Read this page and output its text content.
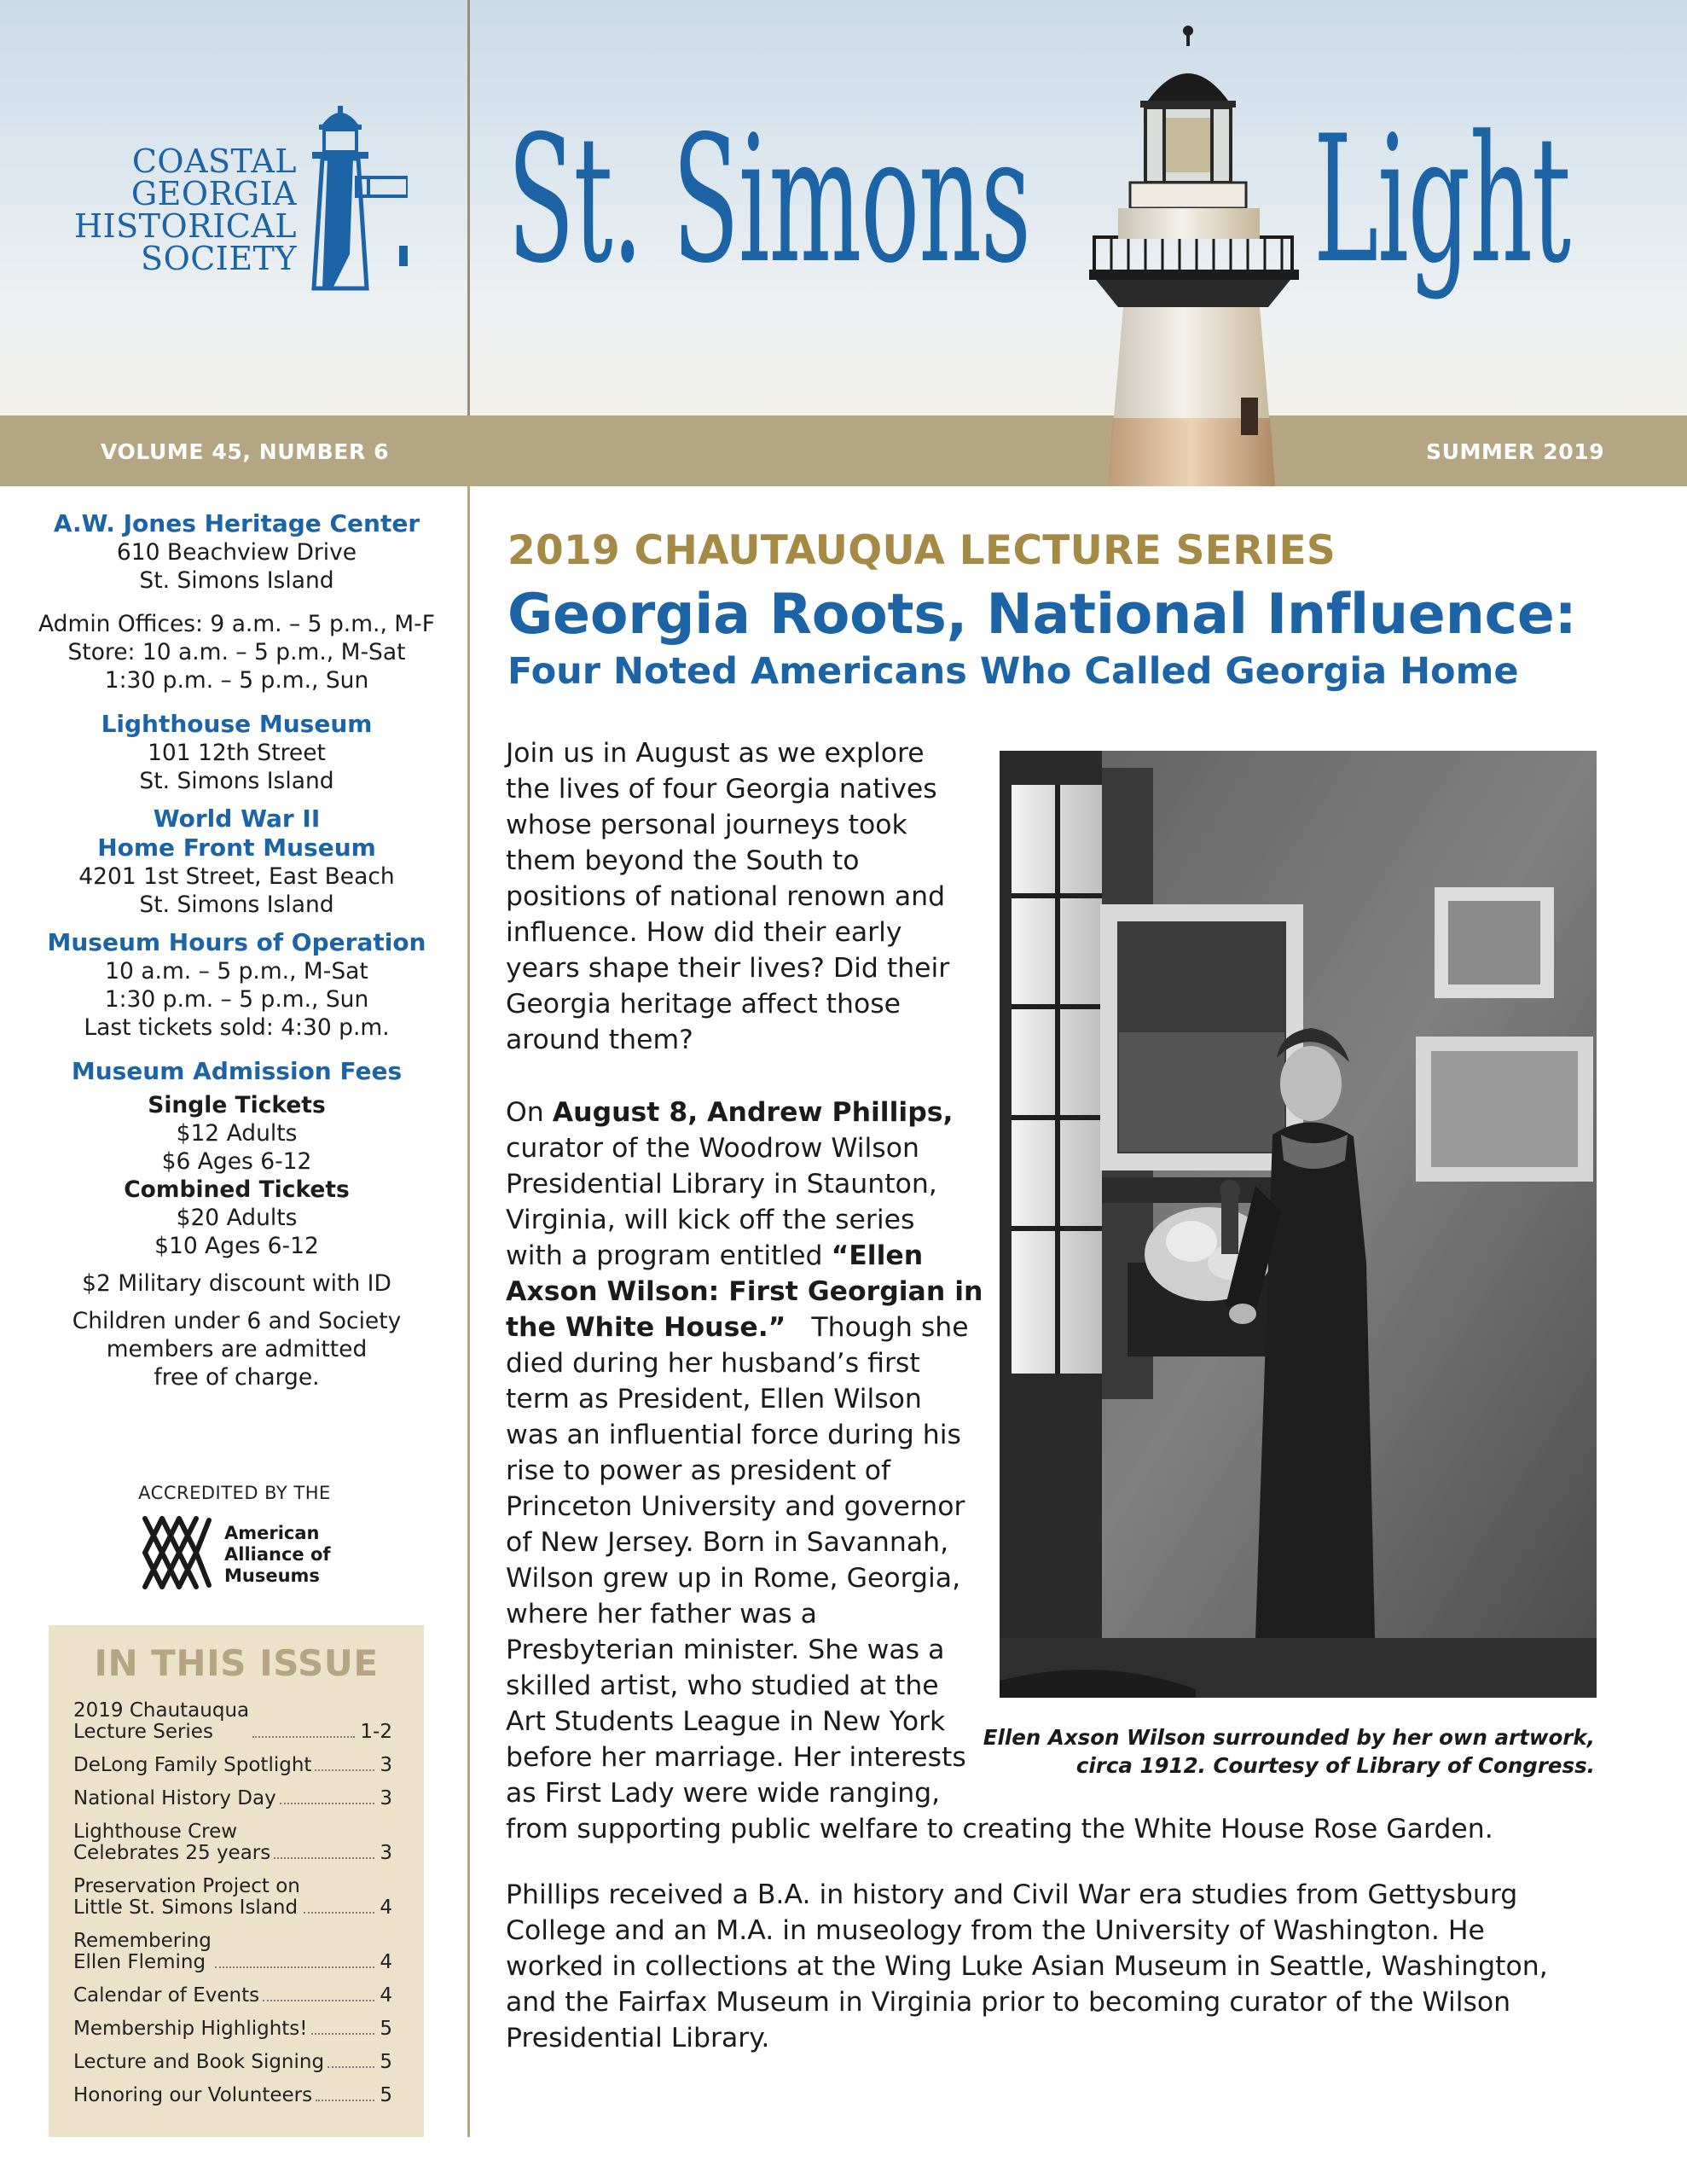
COASTAL
GEORGIA
HISTORICAL
SOCIETY St. Simons Light
VOLUME 45, NUMBER 6	SUMMER 2019
A.W. Jones Heritage Center
610 Beachview Drive
St. Simons Island
Admin Offices: 9 a.m. – 5 p.m., M-F
Store: 10 a.m. – 5 p.m., M-Sat
1:30 p.m. – 5 p.m., Sun
Lighthouse Museum
101 12th Street
St. Simons Island
World War II
Home Front Museum
4201 1st Street, East Beach
St. Simons Island
Museum Hours of Operation
10 a.m. – 5 p.m., M-Sat
1:30 p.m. – 5 p.m., Sun
Last tickets sold: 4:30 p.m.
Museum Admission Fees
Single Tickets
$12 Adults
$6 Ages 6-12
Combined Tickets
$20 Adults
$10 Ages 6-12
$2 Military discount with ID
Children under 6 and Society
members are admitted
free of charge.
ACCREDITED BY THE
American
Alliance of
Museums
IN THIS ISSUE
2019 Chautauqua
Lecture Series	1-2
DeLong Family Spotlight	3
National History Day	3
Lighthouse Crew
Celebrates 25 years	3
Preservation Project on
Little St. Simons Island	4
Remembering
Ellen Fleming	4
Calendar of Events	4
Membership Highlights!	5
Lecture and Book Signing	5
Honoring our Volunteers	5
2019 CHAUTAUQUA LECTURE SERIES
Georgia Roots, National Influence:
Four Noted Americans Who Called Georgia Home
Join us in August as we explore
the lives of four Georgia natives
whose personal journeys took
them beyond the South to
positions of national renown and
influence. How did their early
years shape their lives? Did their
Georgia heritage affect those
around them?
On August 8, Andrew Phillips,
curator of the Woodrow Wilson
Presidential Library in Staunton,
Virginia, will kick off the series
with a program entitled “Ellen
Axson Wilson: First Georgian in
the White House.”   Though she
died during her husband’s first
term as President, Ellen Wilson
was an influential force during his
rise to power as president of
Princeton University and governor
of New Jersey. Born in Savannah,
Wilson grew up in Rome, Georgia,
where her father was a
Presbyterian minister. She was a
skilled artist, who studied at the
Art Students League in New York
before her marriage. Her interests
as First Lady were wide ranging,
from supporting public welfare to creating the White House Rose Garden.
Phillips received a B.A. in history and Civil War era studies from Gettysburg
College and an M.A. in museology from the University of Washington. He
worked in collections at the Wing Luke Asian Museum in Seattle, Washington,
and the Fairfax Museum in Virginia prior to becoming curator of the Wilson
Presidential Library.
Ellen Axson Wilson surrounded by her own artwork,
circa 1912. Courtesy of Library of Congress.
